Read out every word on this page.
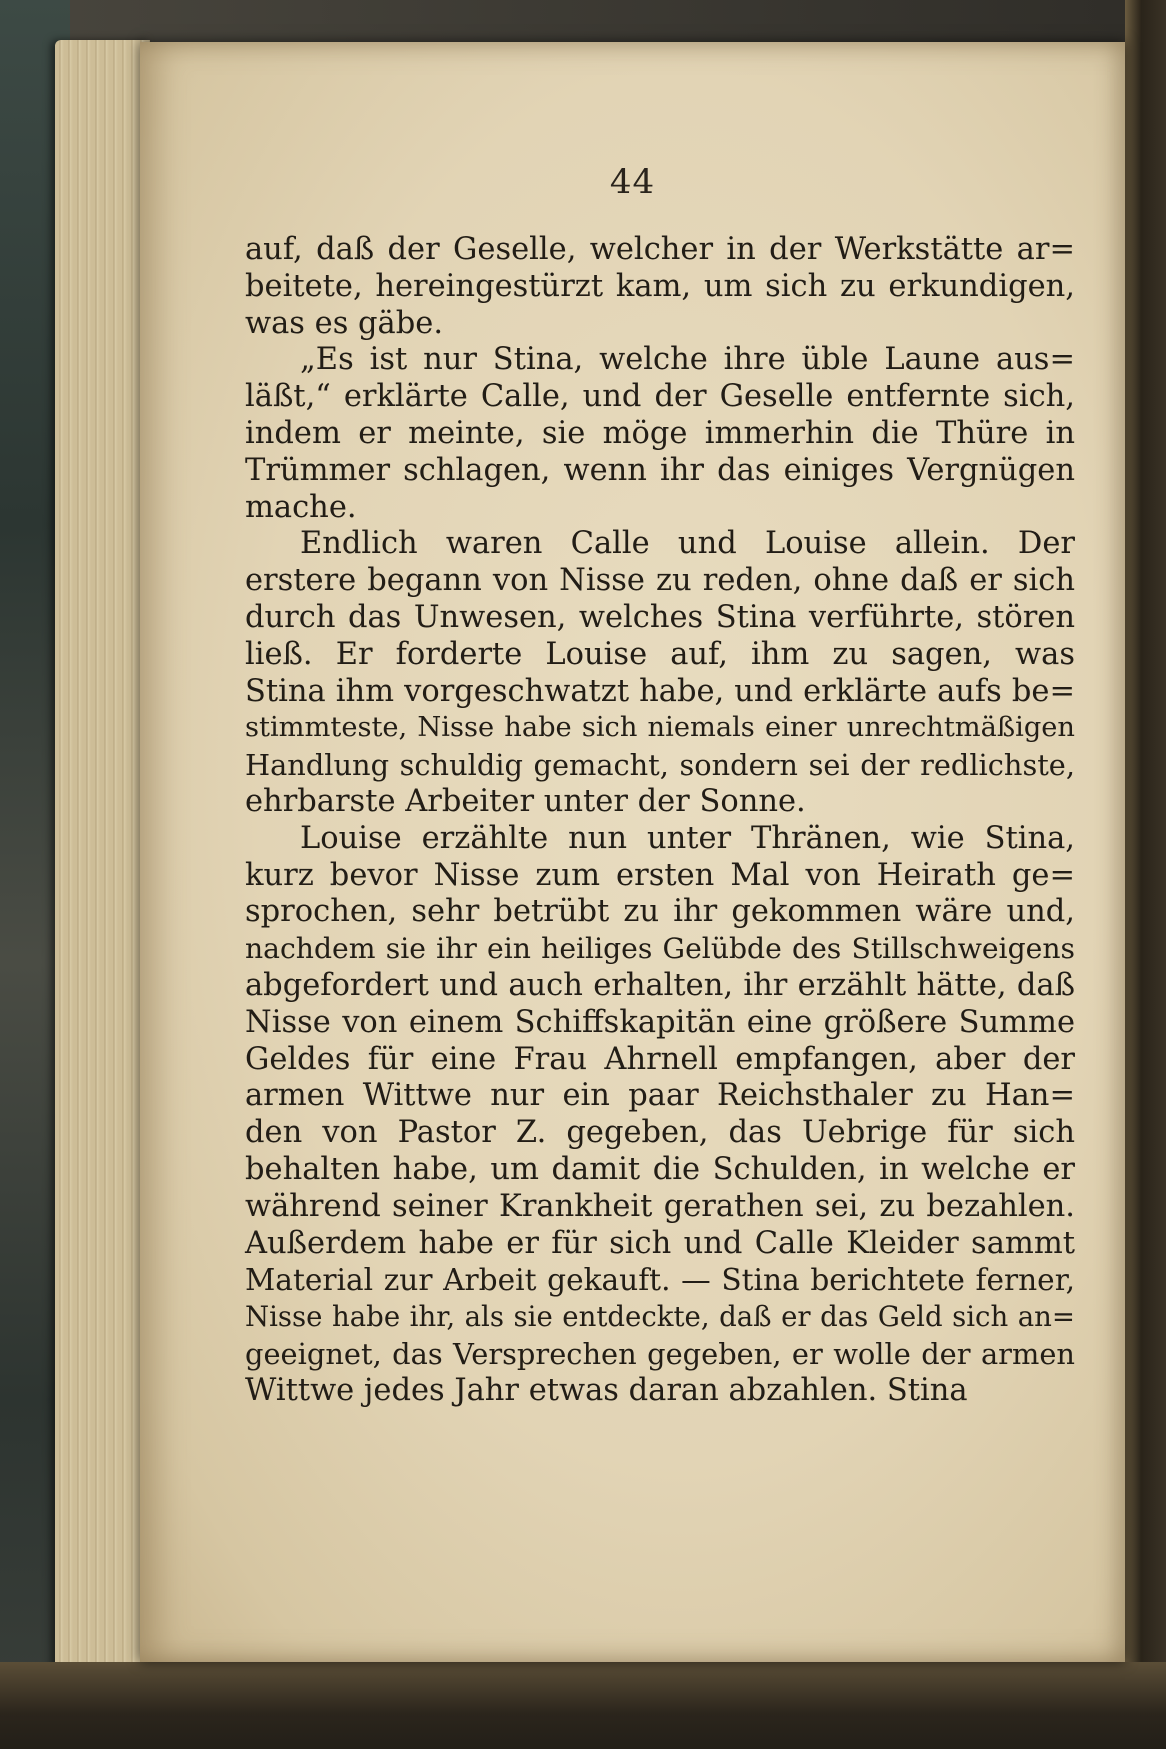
44
auf, daß der Geselle, welcher in der Werkstätte ar=
beitete, hereingestürzt kam, um sich zu erkundigen,
was es gäbe.
„Es ist nur Stina, welche ihre üble Laune aus=
läßt,“ erklärte Calle, und der Geselle entfernte sich,
indem er meinte, sie möge immerhin die Thüre in
Trümmer schlagen, wenn ihr das einiges Vergnügen
mache.
Endlich waren Calle und Louise allein. Der
erstere begann von Nisse zu reden, ohne daß er sich
durch das Unwesen, welches Stina verführte, stören
ließ. Er forderte Louise auf, ihm zu sagen, was
Stina ihm vorgeschwatzt habe, und erklärte aufs be=
stimmteste, Nisse habe sich niemals einer unrechtmäßigen
Handlung schuldig gemacht, sondern sei der redlichste,
ehrbarste Arbeiter unter der Sonne.
Louise erzählte nun unter Thränen, wie Stina,
kurz bevor Nisse zum ersten Mal von Heirath ge=
sprochen, sehr betrübt zu ihr gekommen wäre und,
nachdem sie ihr ein heiliges Gelübde des Stillschweigens
abgefordert und auch erhalten, ihr erzählt hätte, daß
Nisse von einem Schiffskapitän eine größere Summe
Geldes für eine Frau Ahrnell empfangen, aber der
armen Wittwe nur ein paar Reichsthaler zu Han=
den von Pastor Z. gegeben, das Uebrige für sich
behalten habe, um damit die Schulden, in welche er
während seiner Krankheit gerathen sei, zu bezahlen.
Außerdem habe er für sich und Calle Kleider sammt
Material zur Arbeit gekauft. — Stina berichtete ferner,
Nisse habe ihr, als sie entdeckte, daß er das Geld sich an=
geeignet, das Versprechen gegeben, er wolle der armen
Wittwe jedes Jahr etwas daran abzahlen. Stina
